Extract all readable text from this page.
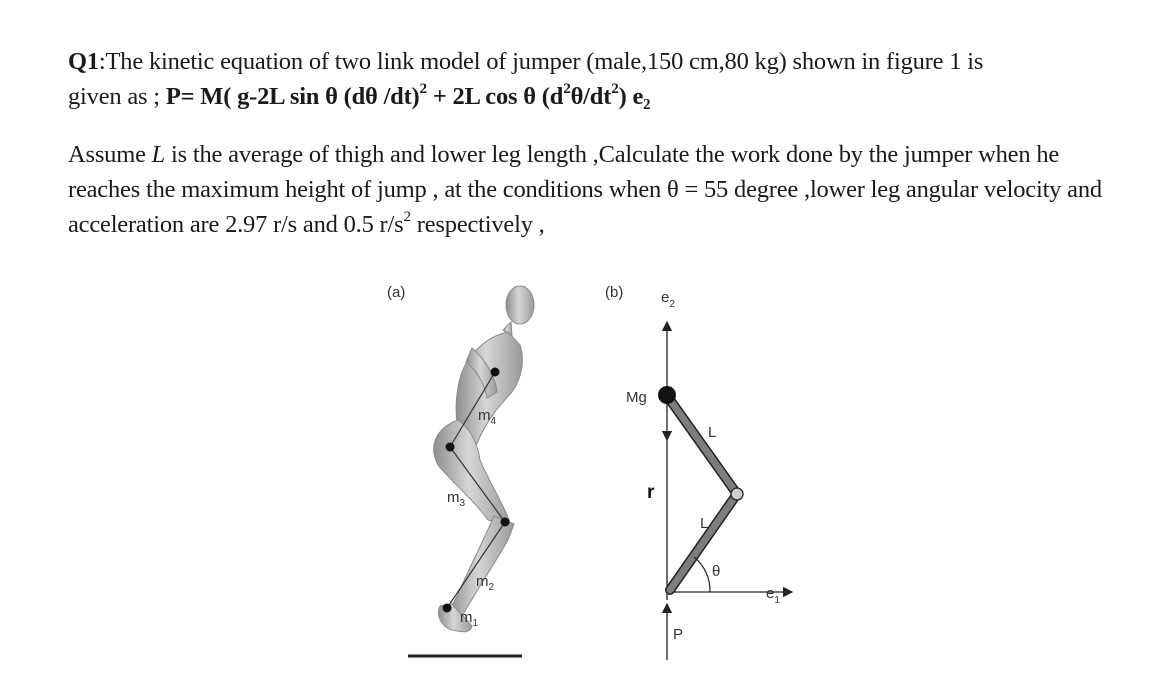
Q1:The kinetic equation of two link model of jumper (male,150 cm,80 kg) shown in figure 1 is
given as ; P= M( g-2L sin θ (dθ /dt)$^2$ + 2L cos θ $(d^2\theta/dt^2)$ e₂

Assume L is the average of thigh and lower leg length ,Calculate the work done by the jumper when he reaches the maximum height of jump , at the conditions when θ = 55 degree ,lower leg angular velocity and acceleration are 2.97 r/s and 0.5 $r/s^2$ respectively ,

(a)
$m_4$
$m_3$
$m_2$
$m_1$
(b)	$e_2$
Mg
L
L
r
θ
$e_1$
P
